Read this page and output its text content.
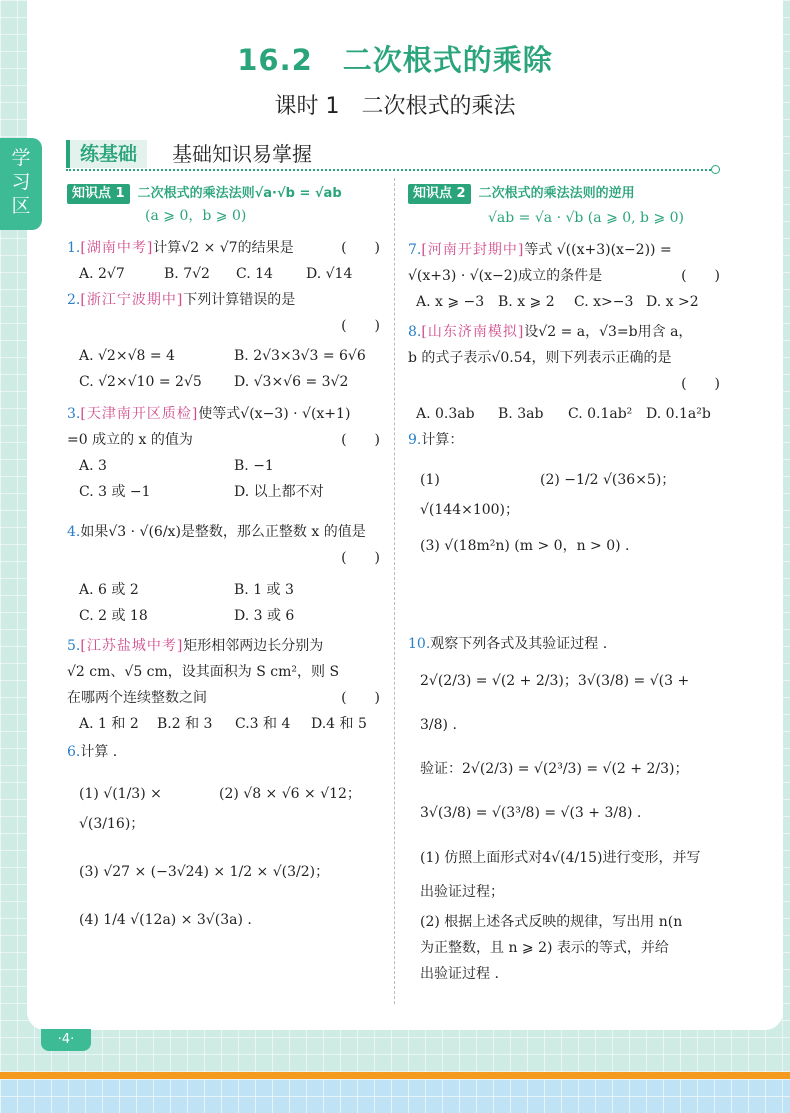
学
习
区
16.2　二次根式的乘除
课时 1　二次根式的乘法
练基础	基础知识易掌握

知识点 1 二次根式的乘法法则√a·√b = √ab

(a ⩾ 0，b ⩾ 0)

1.[湖南中考]计算√2 × √7的结果是	(　　)

A. 2√7	B. 7√2	C. 14	D. √14

2.[浙江宁波期中]下列计算错误的是

(　　)

A. √2×√8 = 4	B. 2√3×3√3 = 6√6

C. √2×√10 = 2√5	D. √3×√6 = 3√2

3.[天津南开区质检]使等式√(x−3) · √(x+1)

=0 成立的 x 的值为	(　　)

A. 3	B. −1

C. 3 或 −1	D. 以上都不对

4.如果√3 · √(6/x)是整数，那么正整数 x 的值是

(　　)

A. 6 或 2	B. 1 或 3

C. 2 或 18	D. 3 或 6

5.[江苏盐城中考]矩形相邻两边长分别为

√2 cm、√5 cm，设其面积为 S cm²，则 S

在哪两个连续整数之间	(　　)

A. 1 和 2	B.2 和 3	C.3 和 4	D.4 和 5

6.计算 .

(1) √(1/3) × √(3/16)；
(2) √8 × √6 × √12；

(3) √27 × (−3√24) × 1/2 × √(3/2)；

(4) 1/4 √(12a) × 3√(3a) .

知识点 2 二次根式的乘法法则的逆用

√ab = √a · √b (a ⩾ 0, b ⩾ 0)

7.[河南开封期中]等式 √((x+3)(x−2)) =

√(x+3) · √(x−2)成立的条件是	(　　)

A. x ⩾ −3 B. x ⩾ 2	C. x>−3 D. x >2

8.[山东济南模拟]设√2 = a，√3=b用含 a，

b 的式子表示√0.54，则下列表示正确的是

(　　)

A. 0.3ab	B. 3ab	C. 0.1ab² D. 0.1a²b

9.计算：

(1) √(144×100)；
(2) −1/2 √(36×5)；

(3) √(18m²n) (m > 0，n > 0) .

10.观察下列各式及其验证过程 .

2√(2/3) = √(2 + 2/3)；3√(3/8) = √(3 + 3/8) .

验证：2√(2/3) = √(2³/3) = √(2 + 2/3)；

3√(3/8) = √(3³/8) = √(3 + 3/8) .

(1) 仿照上面形式对4√(4/15)进行变形，并写

出验证过程；

(2) 根据上述各式反映的规律，写出用 n(n

为正整数，且 n ⩾ 2) 表示的等式，并给

出验证过程 .

·4·
